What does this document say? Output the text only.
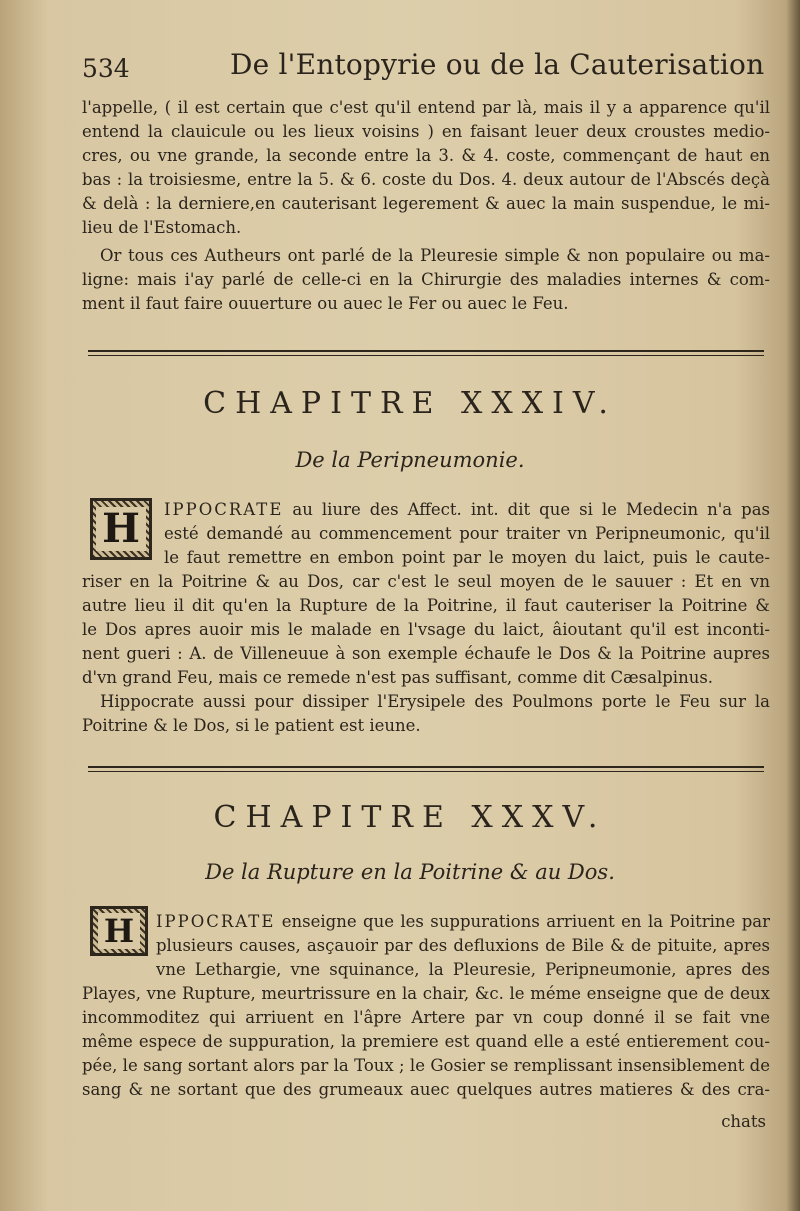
534	De l'Entopyrie ou de la Cauterisation
l'appelle, ( il est certain que c'est qu'il entend par là, mais il y a apparence qu'il
entend la clauicule ou les lieux voisins ) en faisant leuer deux croustes medio-
cres, ou vne grande, la seconde entre la 3. & 4. coste, commençant de haut en
bas : la troisiesme, entre la 5. & 6. coste du Dos. 4. deux autour de l'Abscés deçà
& delà : la derniere,en cauterisant legerement & auec la main suspendue, le mi-
lieu de l'Estomach.
Or tous ces Autheurs ont parlé de la Pleuresie simple & non populaire ou ma-
ligne: mais i'ay parlé de celle-ci en la Chirurgie des maladies internes & com-
ment il faut faire ouuerture ou auec le Fer ou auec le Feu.
CHAPITRE XXXIV.
De la Peripneumonie.
H	IPPOCRATE au liure des Affect. int. dit que si le Medecin n'a pas
esté demandé au commencement pour traiter vn Peripneumonic, qu'il
le faut remettre en embon point par le moyen du laict, puis le caute-
riser en la Poitrine & au Dos, car c'est le seul moyen de le sauuer : Et en vn
autre lieu il dit qu'en la Rupture de la Poitrine, il faut cauteriser la Poitrine &
le Dos apres auoir mis le malade en l'vsage du laict, âioutant qu'il est inconti-
nent gueri : A. de Villeneuue à son exemple échaufe le Dos & la Poitrine aupres
d'vn grand Feu, mais ce remede n'est pas suffisant, comme dit Cæsalpinus.
Hippocrate aussi pour dissiper l'Erysipele des Poulmons porte le Feu sur la
Poitrine & le Dos, si le patient est ieune.
CHAPITRE XXXV.
De la Rupture en la Poitrine & au Dos.
H	IPPOCRATE enseigne que les suppurations arriuent en la Poitrine par
plusieurs causes, asçauoir par des defluxions de Bile & de pituite, apres
vne Lethargie, vne squinance, la Pleuresie, Peripneumonie, apres des
Playes, vne Rupture, meurtrissure en la chair, &c. le méme enseigne que de deux
incommoditez qui arriuent en l'âpre Artere par vn coup donné il se fait vne
même espece de suppuration, la premiere est quand elle a esté entierement cou-
pée, le sang sortant alors par la Toux ; le Gosier se remplissant insensiblement de
sang & ne sortant que des grumeaux auec quelques autres matieres & des cra-
chats
